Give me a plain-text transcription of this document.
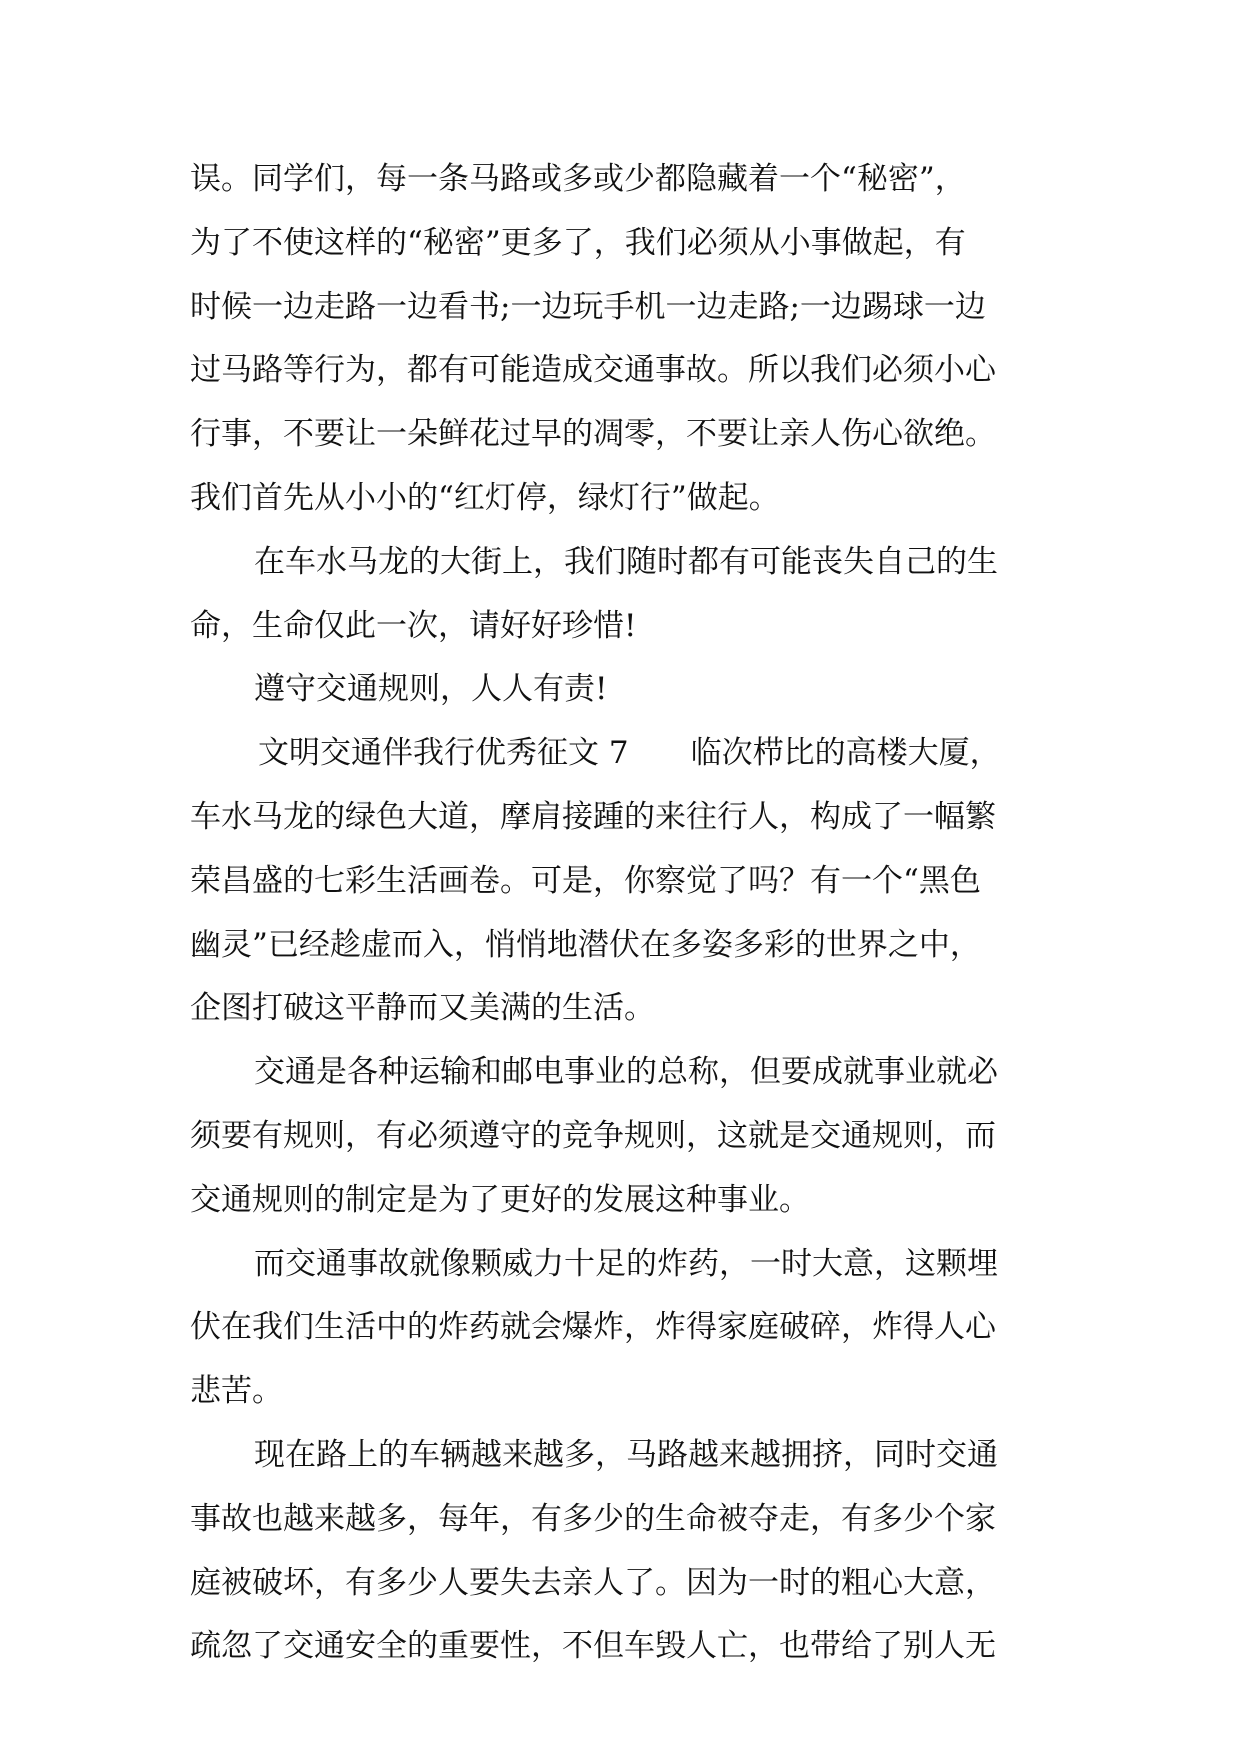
误。同学们，每一条马路或多或少都隐藏着一个“秘密”，
为了不使这样的“秘密”更多了，我们必须从小事做起，有
时候一边走路一边看书;一边玩手机一边走路;一边踢球一边
过马路等行为，都有可能造成交通事故。所以我们必须小心
行事，不要让一朵鲜花过早的凋零，不要让亲人伤心欲绝。
我们首先从小小的“红灯停，绿灯行”做起。
在车水马龙的大街上，我们随时都有可能丧失自己的生
命，生命仅此一次，请好好珍惜!
遵守交通规则，人人有责!
文明交通伴我行优秀征文 7　　临次栉比的高楼大厦，
车水马龙的绿色大道，摩肩接踵的来往行人，构成了一幅繁
荣昌盛的七彩生活画卷。可是，你察觉了吗？有一个“黑色
幽灵”已经趁虚而入，悄悄地潜伏在多姿多彩的世界之中，
企图打破这平静而又美满的生活。
交通是各种运输和邮电事业的总称，但要成就事业就必
须要有规则，有必须遵守的竞争规则，这就是交通规则，而
交通规则的制定是为了更好的发展这种事业。
而交通事故就像颗威力十足的炸药，一时大意，这颗埋
伏在我们生活中的炸药就会爆炸，炸得家庭破碎，炸得人心
悲苦。
现在路上的车辆越来越多，马路越来越拥挤，同时交通
事故也越来越多，每年，有多少的生命被夺走，有多少个家
庭被破坏，有多少人要失去亲人了。因为一时的粗心大意，
疏忽了交通安全的重要性，不但车毁人亡，也带给了别人无
